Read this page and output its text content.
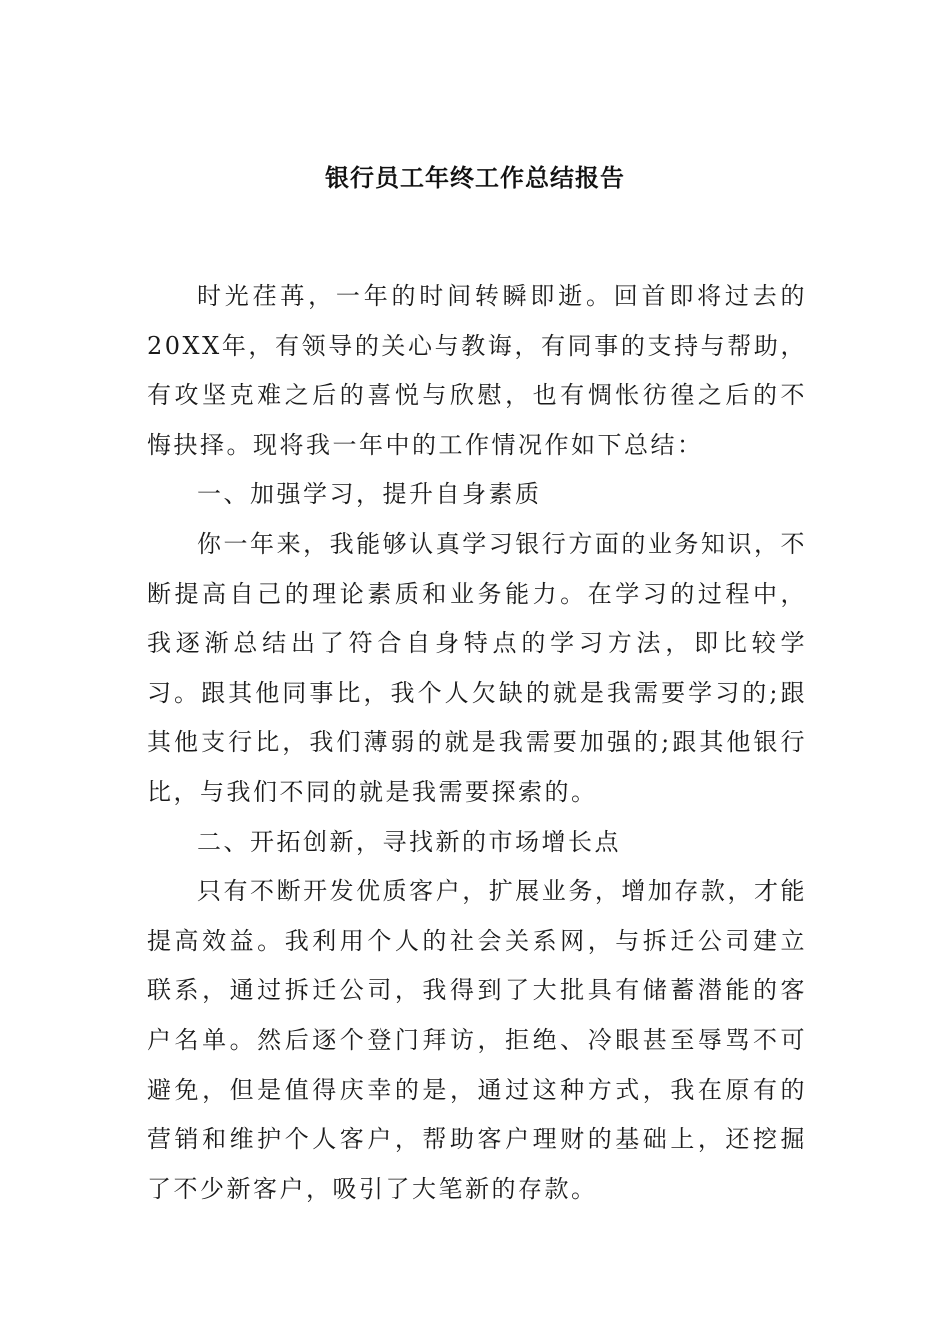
银行员工年终工作总结报告

时光荏苒，一年的时间转瞬即逝。回首即将过去的20XX年，有领导的关心与教诲，有同事的支持与帮助，有攻坚克难之后的喜悦与欣慰，也有惆怅彷徨之后的不悔抉择。现将我一年中的工作情况作如下总结：

一、加强学习，提升自身素质

你一年来，我能够认真学习银行方面的业务知识，不断提高自己的理论素质和业务能力。在学习的过程中，我逐渐总结出了符合自身特点的学习方法，即比较学习。跟其他同事比，我个人欠缺的就是我需要学习的;跟其他支行比，我们薄弱的就是我需要加强的;跟其他银行比，与我们不同的就是我需要探索的。

二、开拓创新，寻找新的市场增长点

只有不断开发优质客户，扩展业务，增加存款，才能提高效益。我利用个人的社会关系网，与拆迁公司建立联系，通过拆迁公司，我得到了大批具有储蓄潜能的客户名单。然后逐个登门拜访，拒绝、冷眼甚至辱骂不可避免，但是值得庆幸的是，通过这种方式，我在原有的营销和维护个人客户，帮助客户理财的基础上，还挖掘了不少新客户，吸引了大笔新的存款。
